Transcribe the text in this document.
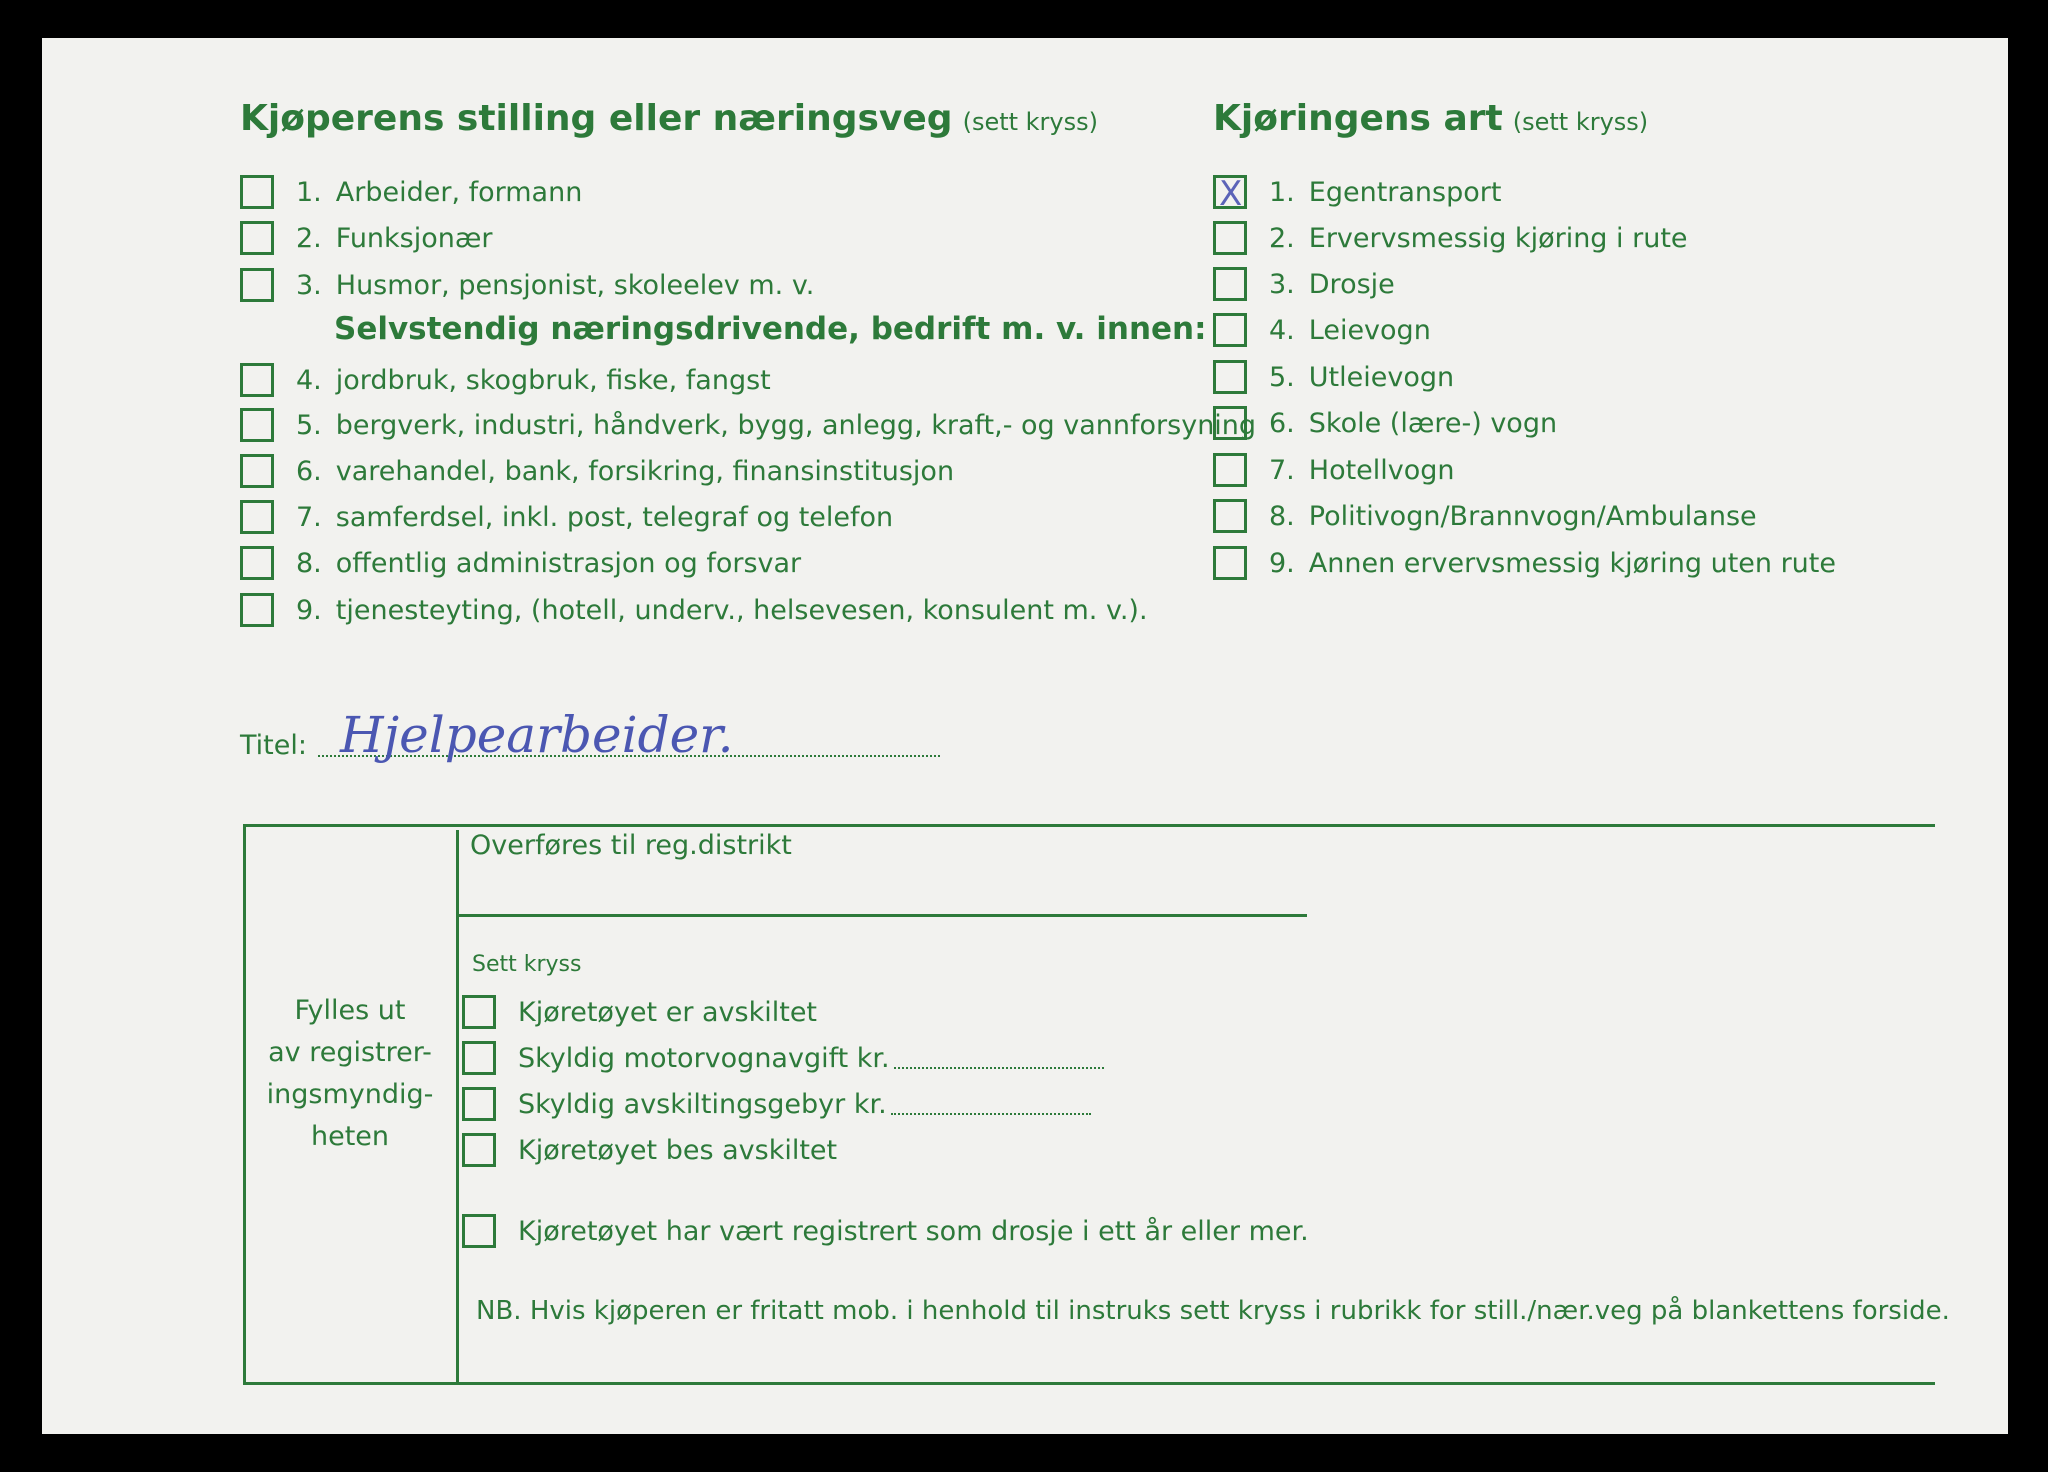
Kjøperens stilling eller næringsveg (sett kryss)	Kjøringens art (sett kryss)
1. Arbeider, formann
2. Funksjonær
3. Husmor, pensjonist, skoleelev m. v.
Selvstendig næringsdrivende, bedrift m. v. innen:
4. jordbruk, skogbruk, fiske, fangst
5. bergverk, industri, håndverk, bygg, anlegg, kraft,- og vannforsyning
6. varehandel, bank, forsikring, finansinstitusjon
7. samferdsel, inkl. post, telegraf og telefon
8. offentlig administrasjon og forsvar
9. tjenesteyting, (hotell, underv., helsevesen, konsulent m. v.).
X
1. Egentransport
2. Ervervsmessig kjøring i rute
3. Drosje
4. Leievogn
5. Utleievogn
6. Skole (lære-) vogn
7. Hotellvogn
8. Politivogn/Brannvogn/Ambulanse
9. Annen ervervsmessig kjøring uten rute
Titel: Hjelpearbeider.
Fylles ut
av registrer-
ingsmyndig-
heten
Overføres til reg.distrikt
Sett kryss
Kjøretøyet er avskiltet
Skyldig motorvognavgift kr.
Skyldig avskiltingsgebyr kr.
Kjøretøyet bes avskiltet
Kjøretøyet har vært registrert som drosje i ett år eller mer.
NB. Hvis kjøperen er fritatt mob. i henhold til instruks sett kryss i rubrikk for still./nær.veg på blankettens forside.
